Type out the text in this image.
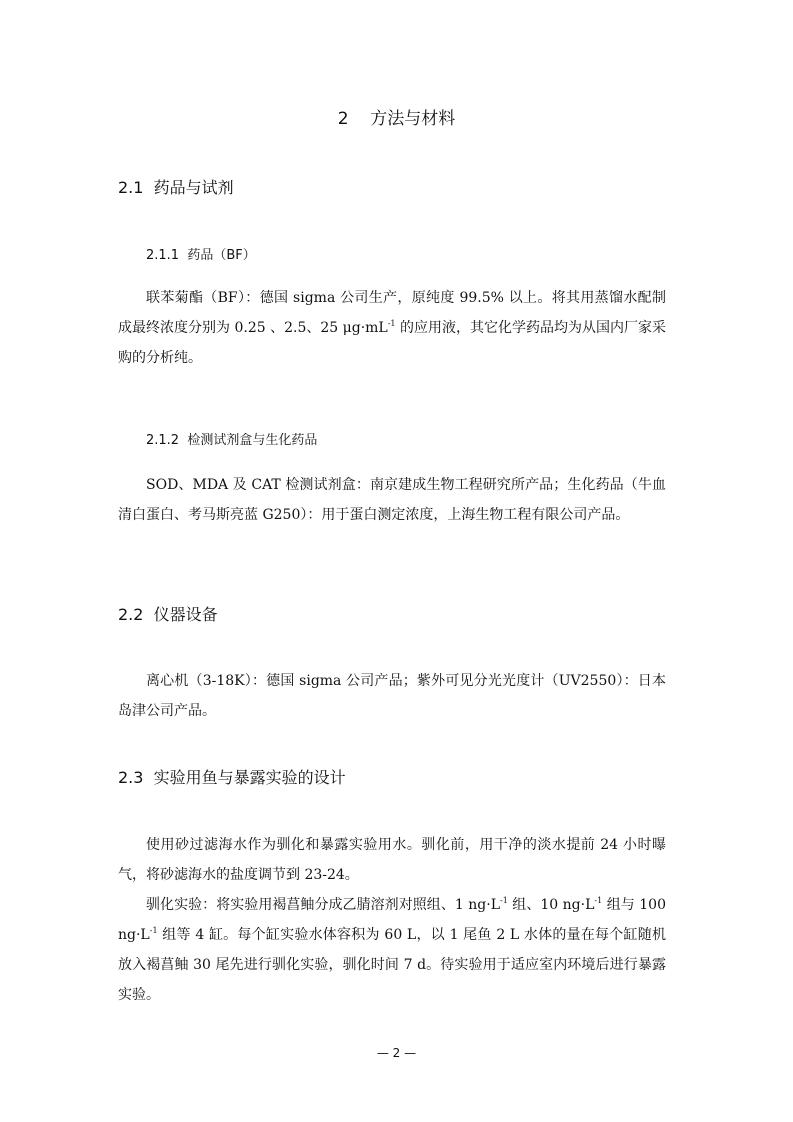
2 方法与材料
2.1 药品与试剂
2.1.1 药品（BF）

联苯菊酯（BF）：德国 sigma 公司生产，原纯度 99.5% 以上。将其用蒸馏水配制成最终浓度分别为 0.25 、2.5、25 $\mu g\cdot mL^{-1}$ 的应用液，其它化学药品均为从国内厂家采购的分析纯。

2.1.2 检测试剂盒与生化药品

SOD、MDA 及 CAT 检测试剂盒：南京建成生物工程研究所产品；生化药品（牛血清白蛋白、考马斯亮蓝 G250）：用于蛋白测定浓度，上海生物工程有限公司产品。

2.2 仪器设备

离心机（3-18K）：德国 sigma 公司产品；紫外可见分光光度计（UV2550）：日本岛津公司产品。

2.3 实验用鱼与暴露实验的设计

使用砂过滤海水作为驯化和暴露实验用水。驯化前，用干净的淡水提前 24 小时曝气，将砂滤海水的盐度调节到 23-24。

驯化实验：将实验用褐菖鲉分成乙腈溶剂对照组、1 $ng\cdot L^{-1}$ 组、10 $ng\cdot L^{-1}$ 组与 100 $ng\cdot L^{-1}$ 组等 4 缸。每个缸实验水体容积为 60 L，以 1 尾鱼 2 L 水体的量在每个缸随机放入褐菖鲉 30 尾先进行驯化实验，驯化时间 7 d。待实验用于适应室内环境后进行暴露实验。

— 2 —
